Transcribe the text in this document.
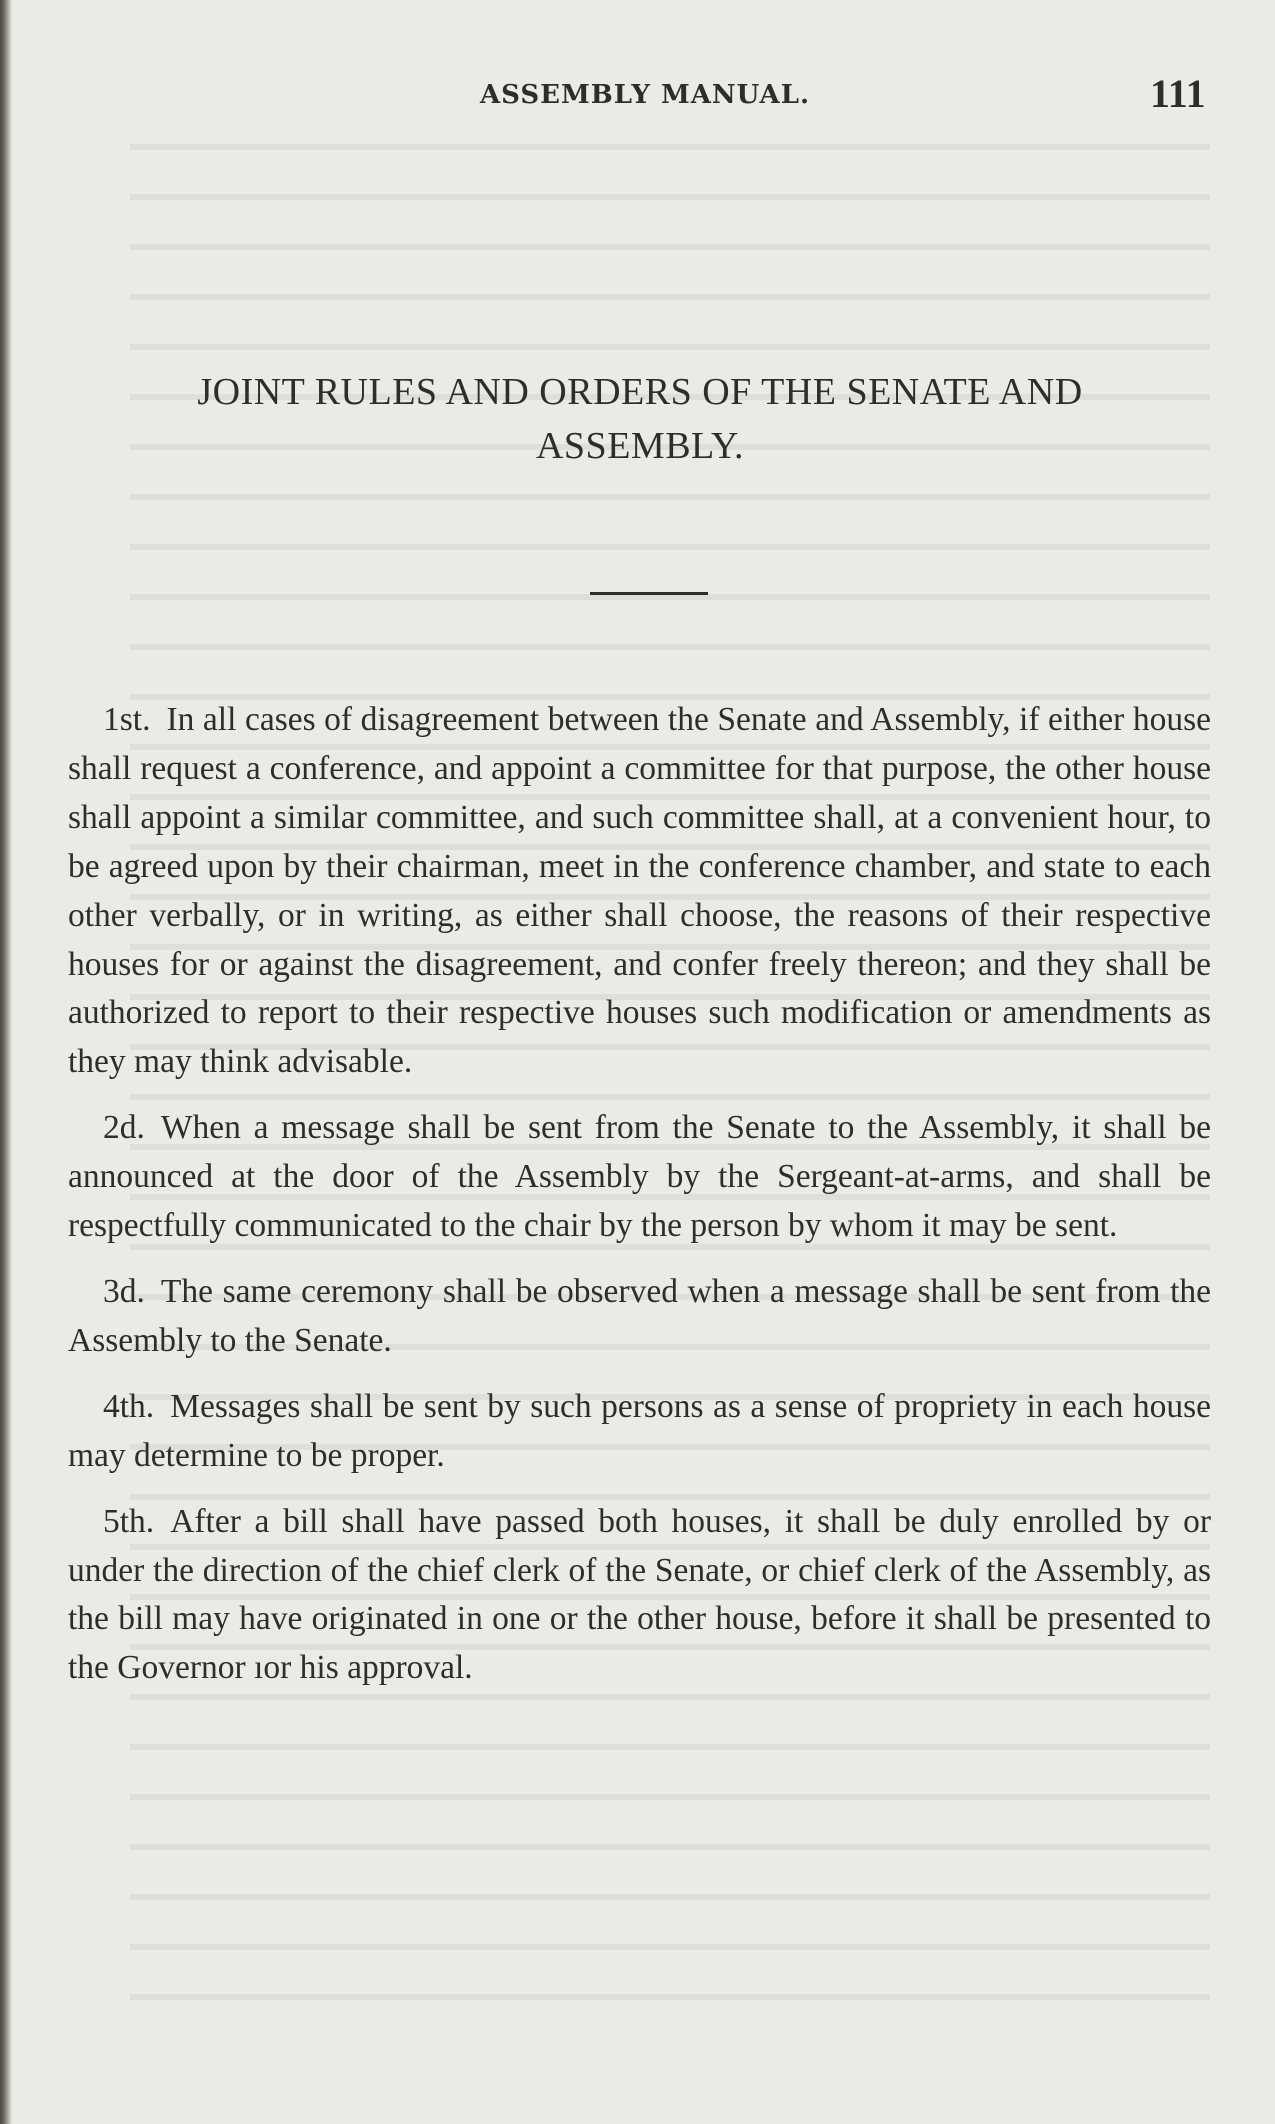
ASSEMBLY MANUAL.	111
JOINT RULES AND ORDERS OF THE SENATE AND
ASSEMBLY.

1st. In all cases of disagreement between the Senate and Assembly, if either house shall request a conference, and appoint a committee for that purpose, the other house shall appoint a similar committee, and such committee shall, at a convenient hour, to be agreed upon by their chairman, meet in the conference chamber, and state to each other verbally, or in writing, as either shall choose, the reasons of their respective houses for or against the disagreement, and confer freely thereon; and they shall be authorized to report to their respective houses such modification or amendments as they may think advisable.

2d. When a message shall be sent from the Senate to the Assembly, it shall be announced at the door of the Assembly by the Sergeant-at-arms, and shall be respectfully communicated to the chair by the person by whom it may be sent.

3d. The same ceremony shall be observed when a message shall be sent from the Assembly to the Senate.

4th. Messages shall be sent by such persons as a sense of propriety in each house may determine to be proper.

5th. After a bill shall have passed both houses, it shall be duly enrolled by or under the direction of the chief clerk of the Senate, or chief clerk of the Assembly, as the bill may have originated in one or the other house, before it shall be presented to the Governor ıor his approval.
